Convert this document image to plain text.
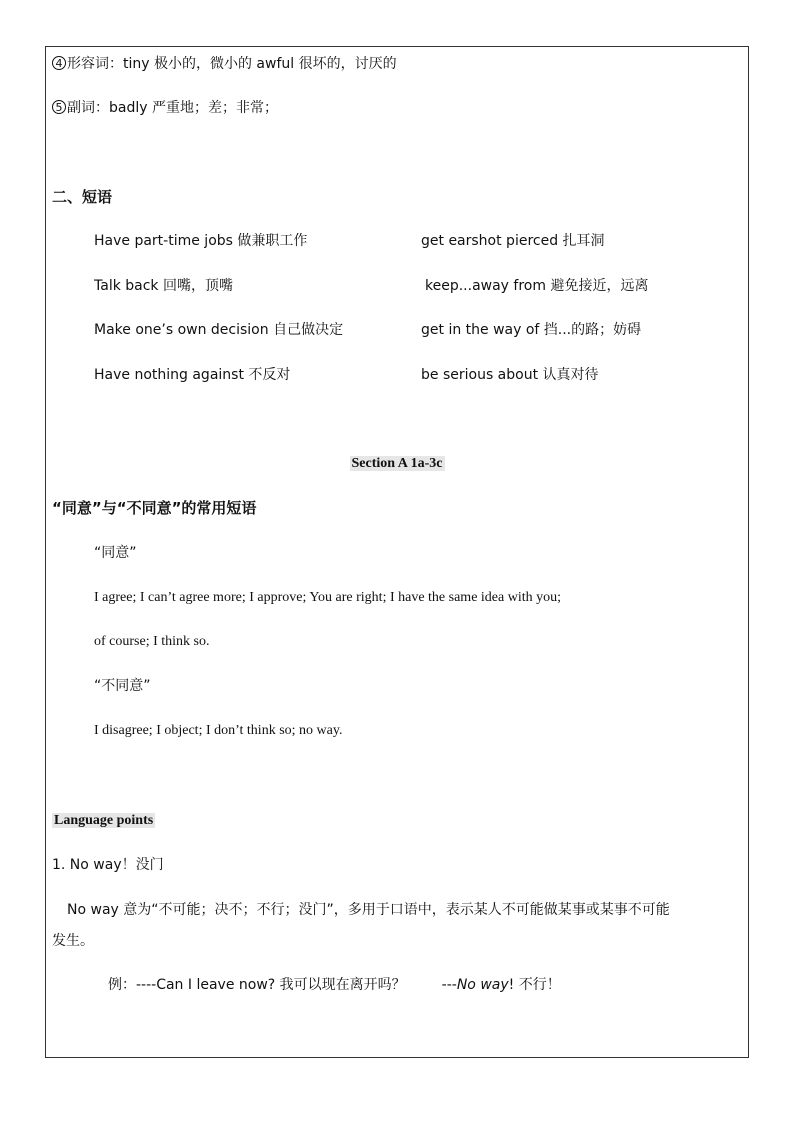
4 形容词：tiny 极小的，微小的 awful 很坏的，讨厌的
5 副词：badly 严重地；差；非常；
二、短语
Have part-time jobs 做兼职工作	get earshot pierced 扎耳洞
Talk back 回嘴，顶嘴	keep...away from 避免接近，远离
Make one’s own decision 自己做决定	get in the way of 挡...的路；妨碍
Have nothing against 不反对	be serious about 认真对待
Section A 1a-3c
“同意”与“不同意”的常用短语
“同意”
I agree; I can’t agree more; I approve; You are right; I have the same idea with you;
of course; I think so.
“不同意”
I disagree; I object; I don’t think so; no way.
Language points
1. No way！没门
No way 意为“不可能；决不；不行；没门”，多用于口语中，表示某人不可能做某事或某事不可能
发生。
例：----Can I leave now? 我可以现在离开吗？	---No way! 不行！
